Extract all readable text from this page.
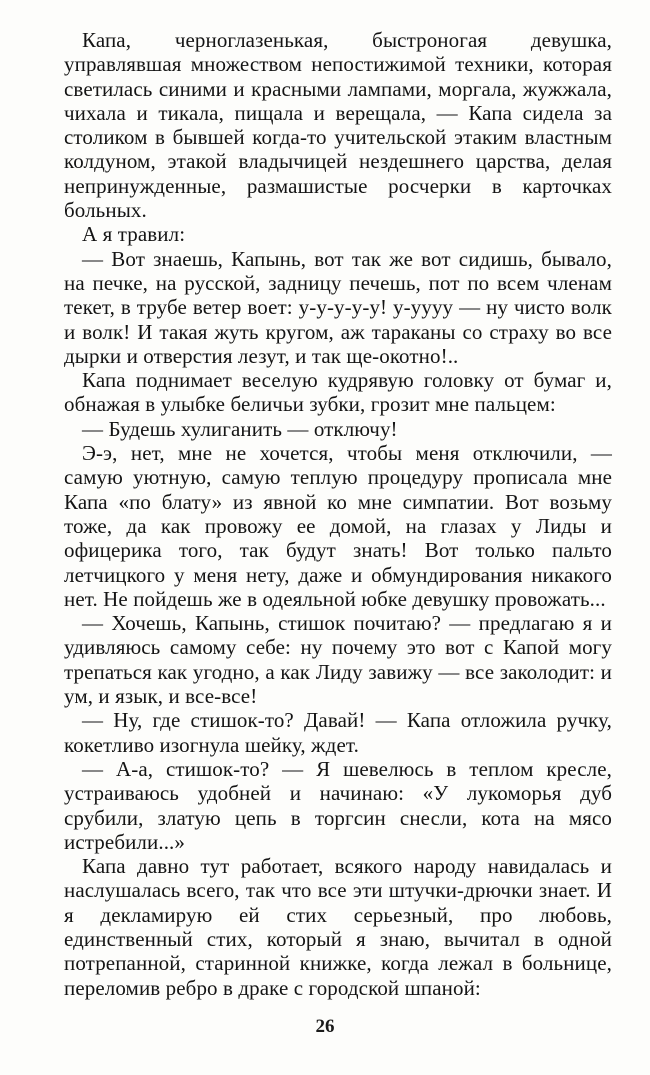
Капа, черноглазенькая, быстроногая девушка, управлявшая множеством непостижимой техники, которая светилась синими и красными лампами, моргала, жужжала, чихала и тикала, пищала и верещала, — Капа сидела за столиком в бывшей когда-то учительской этаким властным колдуном, этакой владычицей нездешнего царства, делая непринужденные, размашистые росчерки в карточках больных.

А я травил:

— Вот знаешь, Капынь, вот так же вот сидишь, бывало, на печке, на русской, задницу печешь, пот по всем членам текет, в трубе ветер воет: у-у-у-у-у! у-уууу — ну чисто волк и волк! И такая жуть кругом, аж тараканы со страху во все дырки и отверстия лезут, и так ще-окотно!..

Капа поднимает веселую кудрявую головку от бумаг и, обнажая в улыбке беличьи зубки, грозит мне пальцем:

— Будешь хулиганить — отключу!

Э-э, нет, мне не хочется, чтобы меня отключили, — самую уютную, самую теплую процедуру прописала мне Капа «по блату» из явной ко мне симпатии. Вот возьму тоже, да как провожу ее домой, на глазах у Лиды и офицерика того, так будут знать! Вот только пальто летчицкого у меня нету, даже и обмундирования никакого нет. Не пойдешь же в одеяльной юбке девушку провожать...

— Хочешь, Капынь, стишок почитаю? — предлагаю я и удивляюсь самому себе: ну почему это вот с Капой могу трепаться как угодно, а как Лиду завижу — все заколодит: и ум, и язык, и все-все!

— Ну, где стишок-то? Давай! — Капа отложила ручку, кокетливо изогнула шейку, ждет.

— А-а, стишок-то? — Я шевелюсь в теплом кресле, устраиваюсь удобней и начинаю: «У лукоморья дуб срубили, златую цепь в торгсин снесли, кота на мясо истребили...»

Капа давно тут работает, всякого народу навидалась и наслушалась всего, так что все эти штучки-дрючки знает. И я декламирую ей стих серьезный, про любовь, единственный стих, который я знаю, вычитал в одной потрепанной, старинной книжке, когда лежал в больнице, переломив ребро в драке с городской шпаной:

26
